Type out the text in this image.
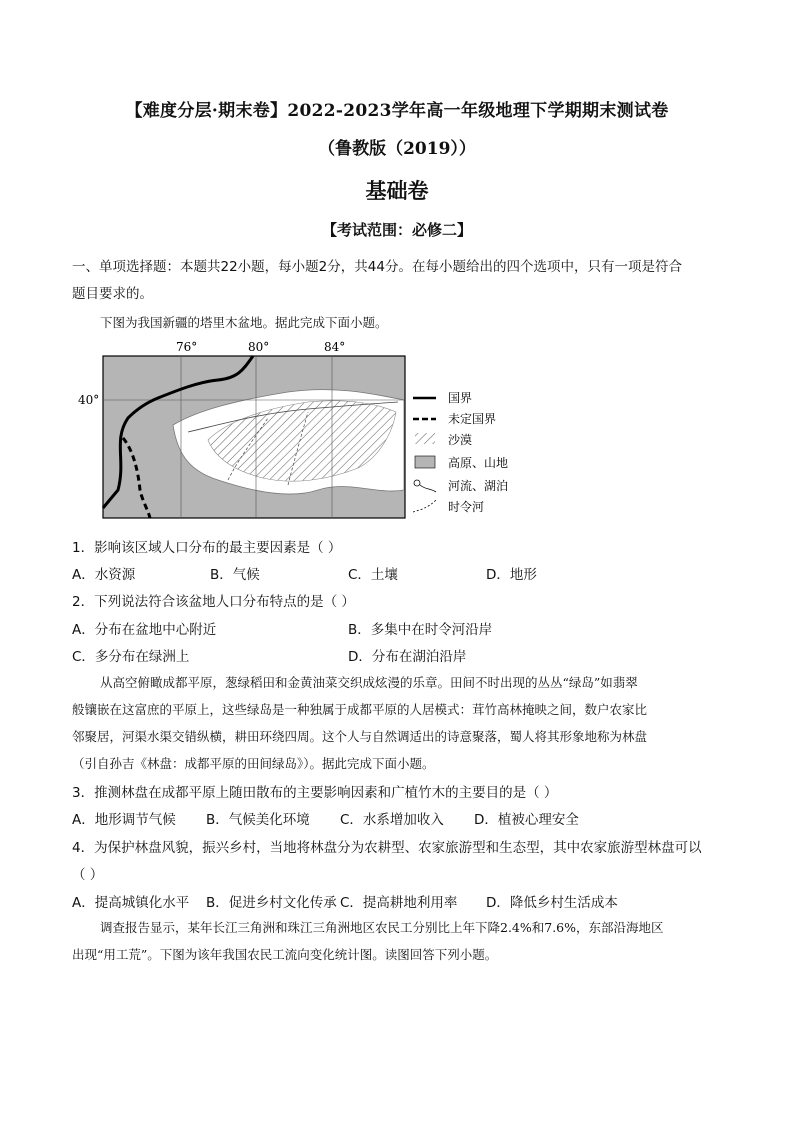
【难度分层·期末卷】2022-2023学年高一年级地理下学期期末测试卷
（鲁教版（2019））
基础卷
【考试范围：必修二】
一、单项选择题：本题共22小题，每小题2分，共44分。在每小题给出的四个选项中，只有一项是符合
题目要求的。
下图为我国新疆的塔里木盆地。据此完成下面小题。
76°	80°	84°
40°	国界
未定国界
沙漠
高原、山地
河流、湖泊
时令河
1．影响该区域人口分布的最主要因素是（ ）
A．水资源	B．气候	C．土壤	D．地形
2．下列说法符合该盆地人口分布特点的是（ ）
A．分布在盆地中心附近	B．多集中在时令河沿岸
C．多分布在绿洲上	D．分布在湖泊沿岸
从高空俯瞰成都平原，葱绿稻田和金黄油菜交织成炫漫的乐章。田间不时出现的丛丛“绿岛”如翡翠
般镶嵌在这富庶的平原上，这些绿岛是一种独属于成都平原的人居模式：茸竹高林掩映之间，数户农家比
邻聚居，河渠水渠交错纵横，耕田环绕四周。这个人与自然调适出的诗意聚落，蜀人将其形象地称为林盘
（引自孙吉《林盘：成都平原的田间绿岛》）。据此完成下面小题。
3．推测林盘在成都平原上随田散布的主要影响因素和广植竹木的主要目的是（ ）
A．地形调节气候 B．气候美化环境 C．水系增加收入 D．植被心理安全
4．为保护林盘风貌，振兴乡村，当地将林盘分为农耕型、农家旅游型和生态型，其中农家旅游型林盘可以
（ ）
A．提高城镇化水平 B．促进乡村文化传承 C．提高耕地利用率 D．降低乡村生活成本
调查报告显示，某年长江三角洲和珠江三角洲地区农民工分别比上年下降2.4%和7.6%，东部沿海地区
出现“用工荒”。下图为该年我国农民工流向变化统计图。读图回答下列小题。
